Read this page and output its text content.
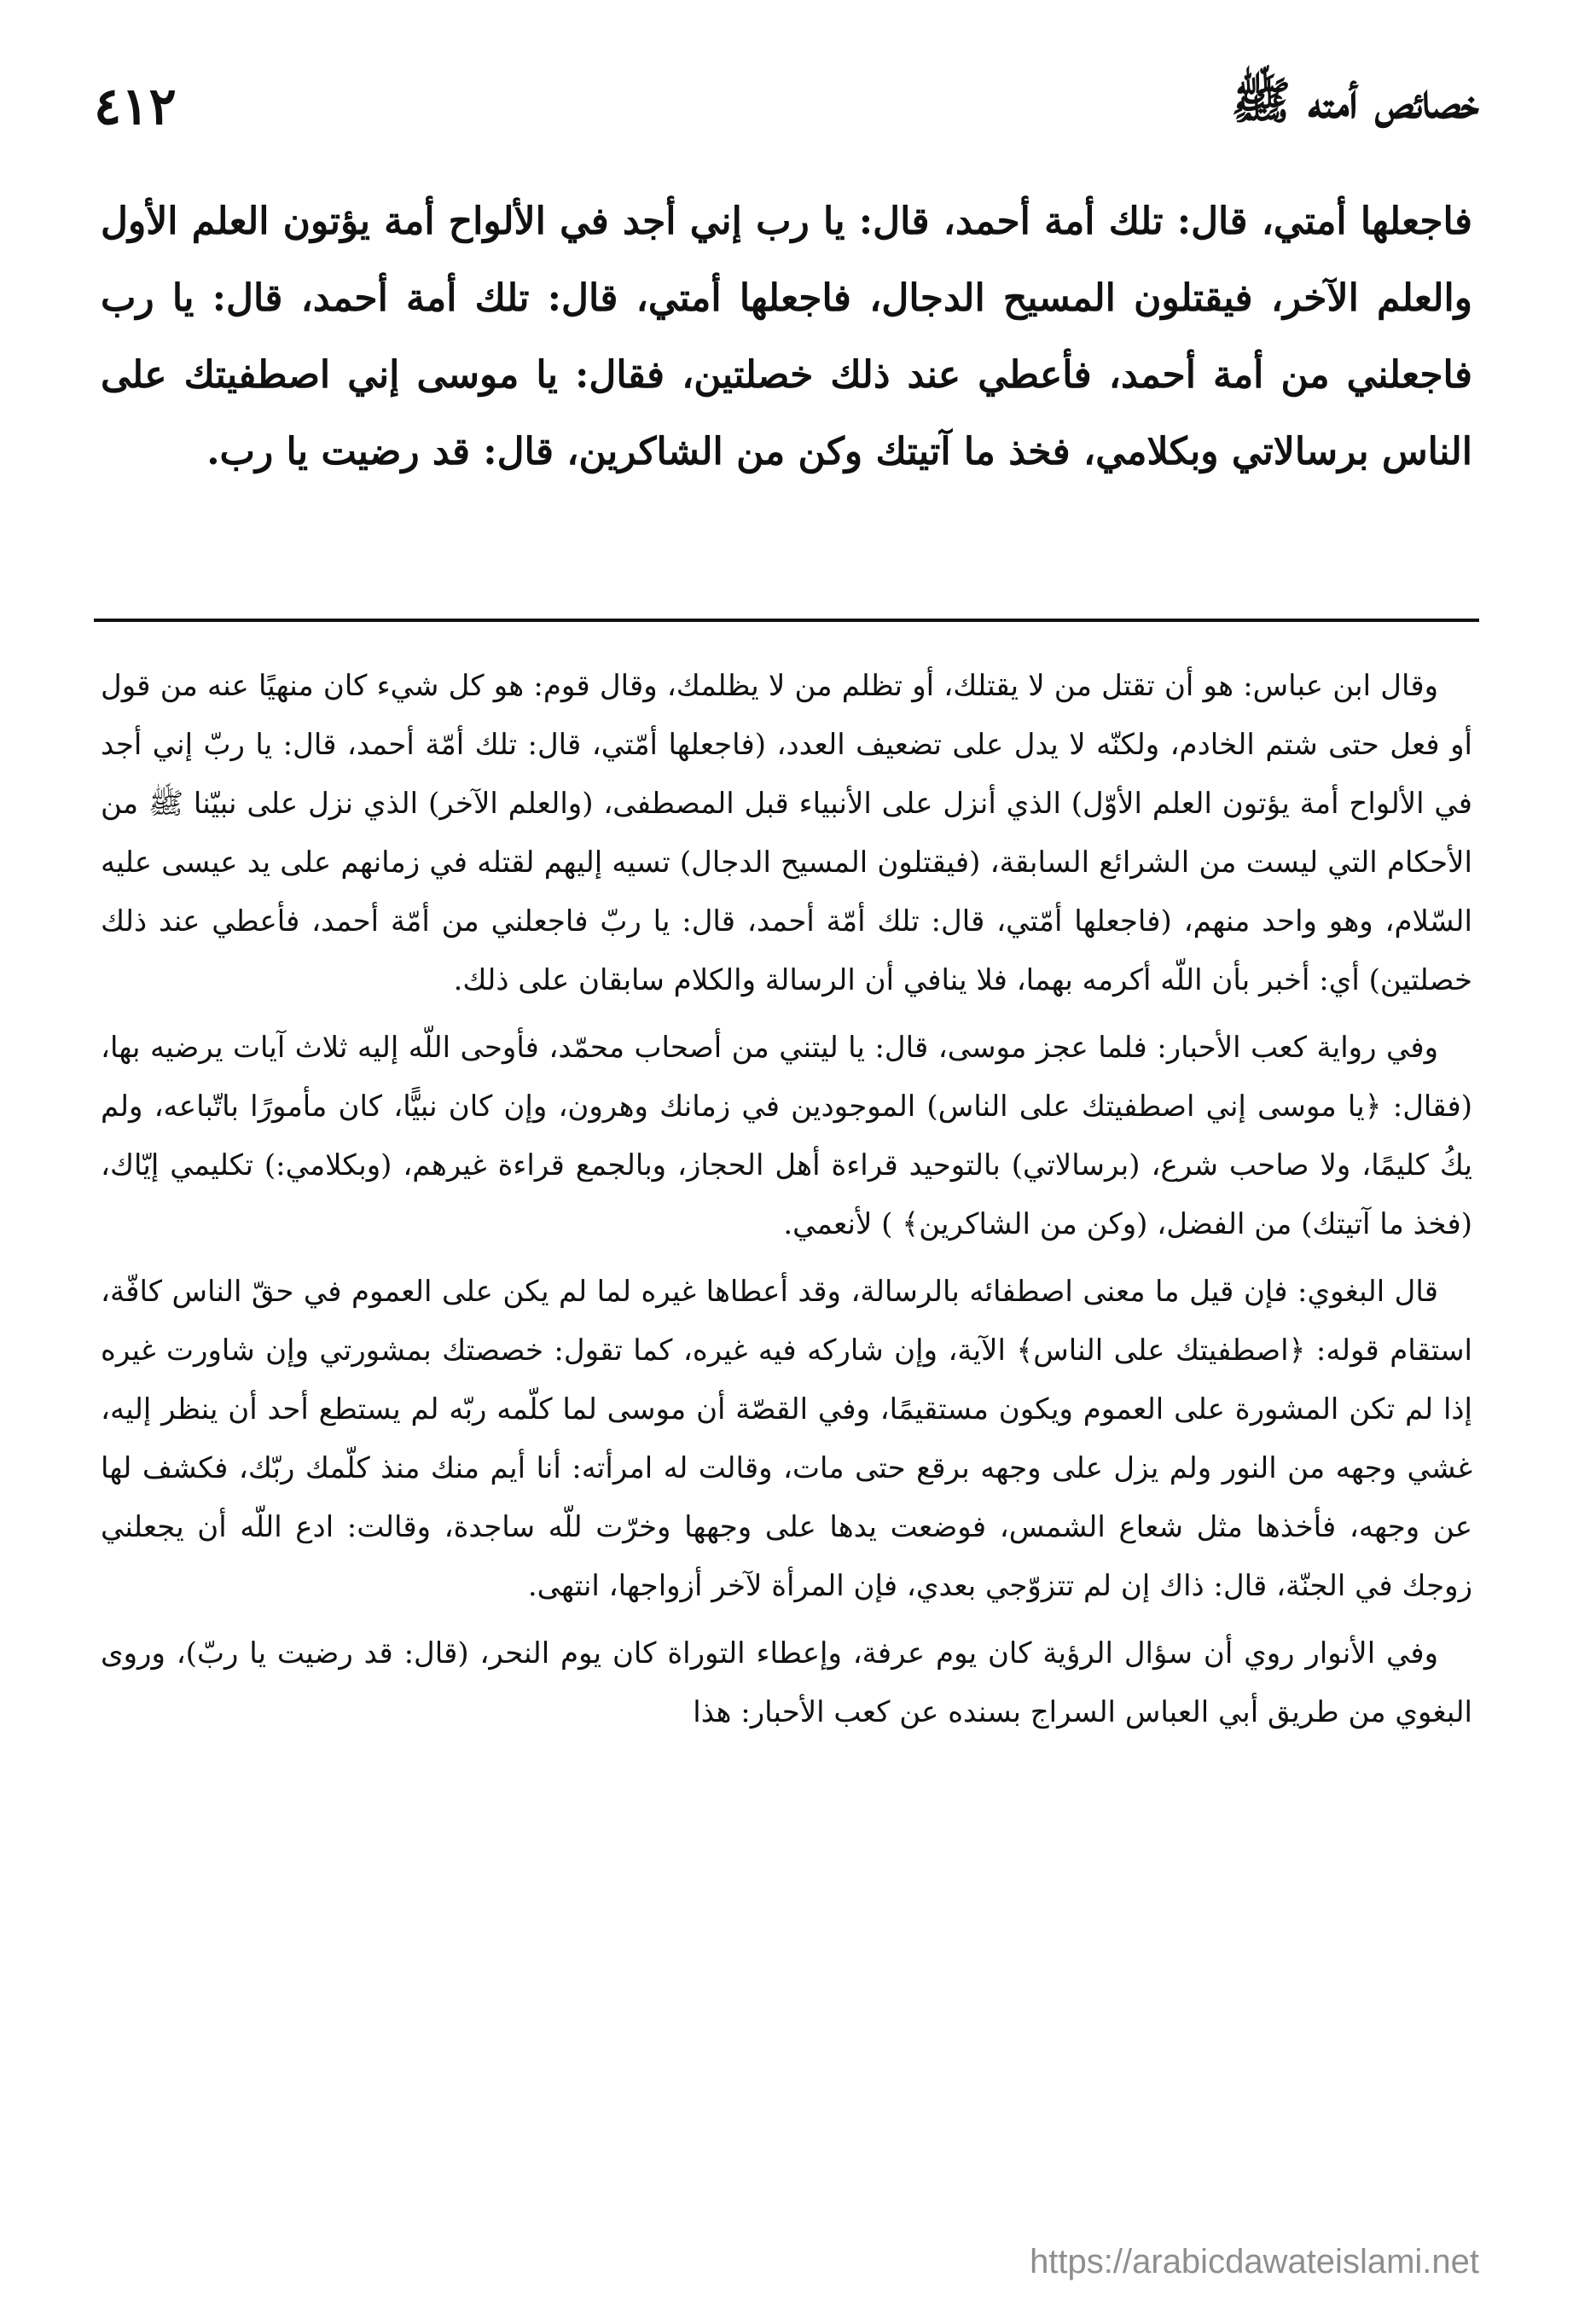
٤١٢	خصائص أمته ﷺ
فاجعلها أمتي، قال: تلك أمة أحمد، قال: يا رب إني أجد في الألواح أمة يؤتون العلم الأول والعلم الآخر، فيقتلون المسيح الدجال، فاجعلها أمتي، قال: تلك أمة أحمد، قال: يا رب فاجعلني من أمة أحمد، فأعطي عند ذلك خصلتين، فقال: يا موسى إني اصطفيتك على الناس برسالاتي وبكلامي، فخذ ما آتيتك وكن من الشاكرين، قال: قد رضيت يا رب.

وقال ابن عباس: هو أن تقتل من لا يقتلك، أو تظلم من لا يظلمك، وقال قوم: هو كل شيء كان منهيًا عنه من قول أو فعل حتى شتم الخادم، ولكنّه لا يدل على تضعيف العدد، (فاجعلها أمّتي، قال: تلك أمّة أحمد، قال: يا ربّ إني أجد في الألواح أمة يؤتون العلم الأوّل) الذي أنزل على الأنبياء قبل المصطفى، (والعلم الآخر) الذي نزل على نبيّنا ﷺ من الأحكام التي ليست من الشرائع السابقة، (فيقتلون المسيح الدجال) تسيه إليهم لقتله في زمانهم على يد عيسى عليه السّلام، وهو واحد منهم، (فاجعلها أمّتي، قال: تلك أمّة أحمد، قال: يا ربّ فاجعلني من أمّة أحمد، فأعطي عند ذلك خصلتين) أي: أخبر بأن اللّه أكرمه بهما، فلا ينافي أن الرسالة والكلام سابقان على ذلك.

وفي رواية كعب الأحبار: فلما عجز موسى، قال: يا ليتني من أصحاب محمّد، فأوحى اللّه إليه ثلاث آيات يرضيه بها، (فقال: ﴿يا موسى إني اصطفيتك على الناس) الموجودين في زمانك وهرون، وإن كان نبيًّا، كان مأمورًا باتّباعه، ولم يكُ كليمًا، ولا صاحب شرع، (برسالاتي) بالتوحيد قراءة أهل الحجاز، وبالجمع قراءة غيرهم، (وبكلامي:) تكليمي إيّاك، (فخذ ما آتيتك) من الفضل، (وكن من الشاكرين﴾ ) لأنعمي.

قال البغوي: فإن قيل ما معنى اصطفائه بالرسالة، وقد أعطاها غيره لما لم يكن على العموم في حقّ الناس كافّة، استقام قوله: ﴿اصطفيتك على الناس﴾ الآية، وإن شاركه فيه غيره، كما تقول: خصصتك بمشورتي وإن شاورت غيره إذا لم تكن المشورة على العموم ويكون مستقيمًا، وفي القصّة أن موسى لما كلّمه ربّه لم يستطع أحد أن ينظر إليه، غشي وجهه من النور ولم يزل على وجهه برقع حتى مات، وقالت له امرأته: أنا أيم منك منذ كلّمك ربّك، فكشف لها عن وجهه، فأخذها مثل شعاع الشمس، فوضعت يدها على وجهها وخرّت للّه ساجدة، وقالت: ادع اللّه أن يجعلني زوجك في الجنّة، قال: ذاك إن لم تتزوّجي بعدي، فإن المرأة لآخر أزواجها، انتهى.

وفي الأنوار روي أن سؤال الرؤية كان يوم عرفة، وإعطاء التوراة كان يوم النحر، (قال: قد رضيت يا ربّ)، وروى البغوي من طريق أبي العباس السراج بسنده عن كعب الأحبار: هذا

https://arabicdawateislami.net
